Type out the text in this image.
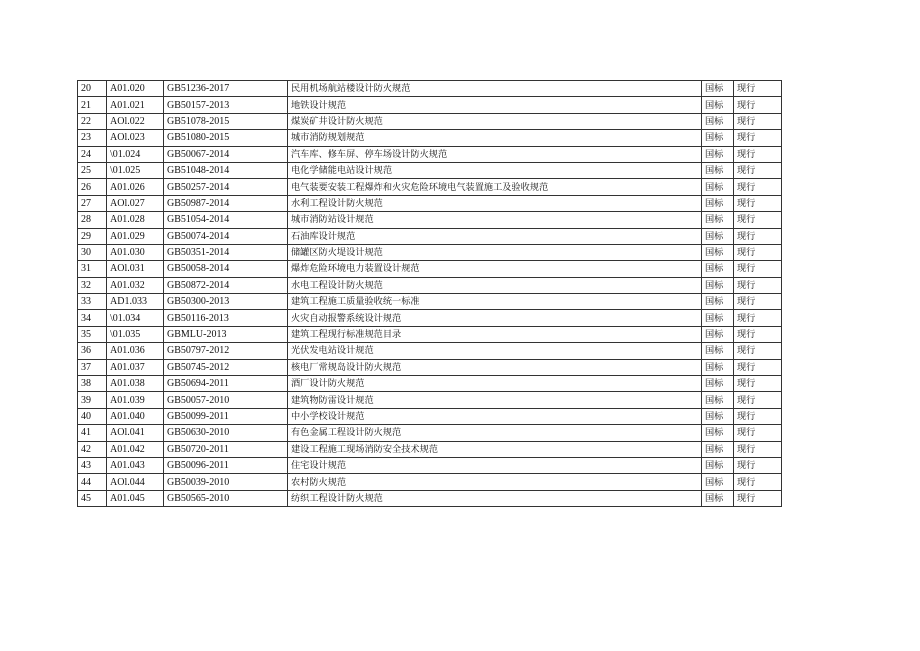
20	A01.020	GB51236-2017	民用机场航站楼设计防火规范	国标	现行
21	A01.021	GB50157-2013	地铁设计规范	国标	现行
22	AOl.022	GB51078-2015	煤炭矿井设计防火规范	国标	现行
23	AOl.023	GB51080-2015	城市消防规划规范	国标	现行
24	\01.024	GB50067-2014	汽车库、修车屏、停车场设计防火规范	国标	现行
25	\01.025	GB51048-2014	电化学储能电站设计规范	国标	现行
26	A01.026	GB50257-2014	电气装要安装工程爆炸和火灾危险环境电气装置施工及验收规范	国标	现行
27	AOl.027	GB50987-2014	水利工程设计防火规范	国标	现行
28	A01.028	GB51054-2014	城市消防站设计规范	国标	现行
29	A01.029	GB50074-2014	石油库设计规范	国标	现行
30	A01.030	GB50351-2014	储罐区防火堤设计规范	国标	现行
31	AOl.031	GB50058-2014	爆炸危险环境电力装置设计规范	国标	现行
32	A01.032	GB50872-2014	水电工程设计防火规范	国标	现行
33	AD1.033	GB50300-2013	建筑工程施工质量验收统一标准	国标	现行
34	\01.034	GB50116-2013	火灾自动报警系统设计规范	国标	现行
35	\01.035	GBMLU-2013	建筑工程现行标准规范目录	国标	现行
36	A01.036	GB50797-2012	光伏发电站设计规范	国标	现行
37	A01.037	GB50745-2012	核电厂常规岛设计防火规范	国标	现行
38	A01.038	GB50694-2011	酒厂设计防火规范	国标	现行
39	A01.039	GB50057-2010	建筑物防雷设计规范	国标	现行
40	A01.040	GB50099-2011	中小学校设计规范	国标	现行
41	AOl.041	GB50630-2010	有色金属工程设计防火规范	国标	现行
42	A01.042	GB50720-2011	建设工程施工现场消防安全技术规范	国标	现行
43	A01.043	GB50096-2011	住宅设计规范	国标	现行
44	AOl.044	GB50039-2010	农村防火规范	国标	现行
45	A01.045	GB50565-2010	纺织工程设计防火规范	国标	现行
